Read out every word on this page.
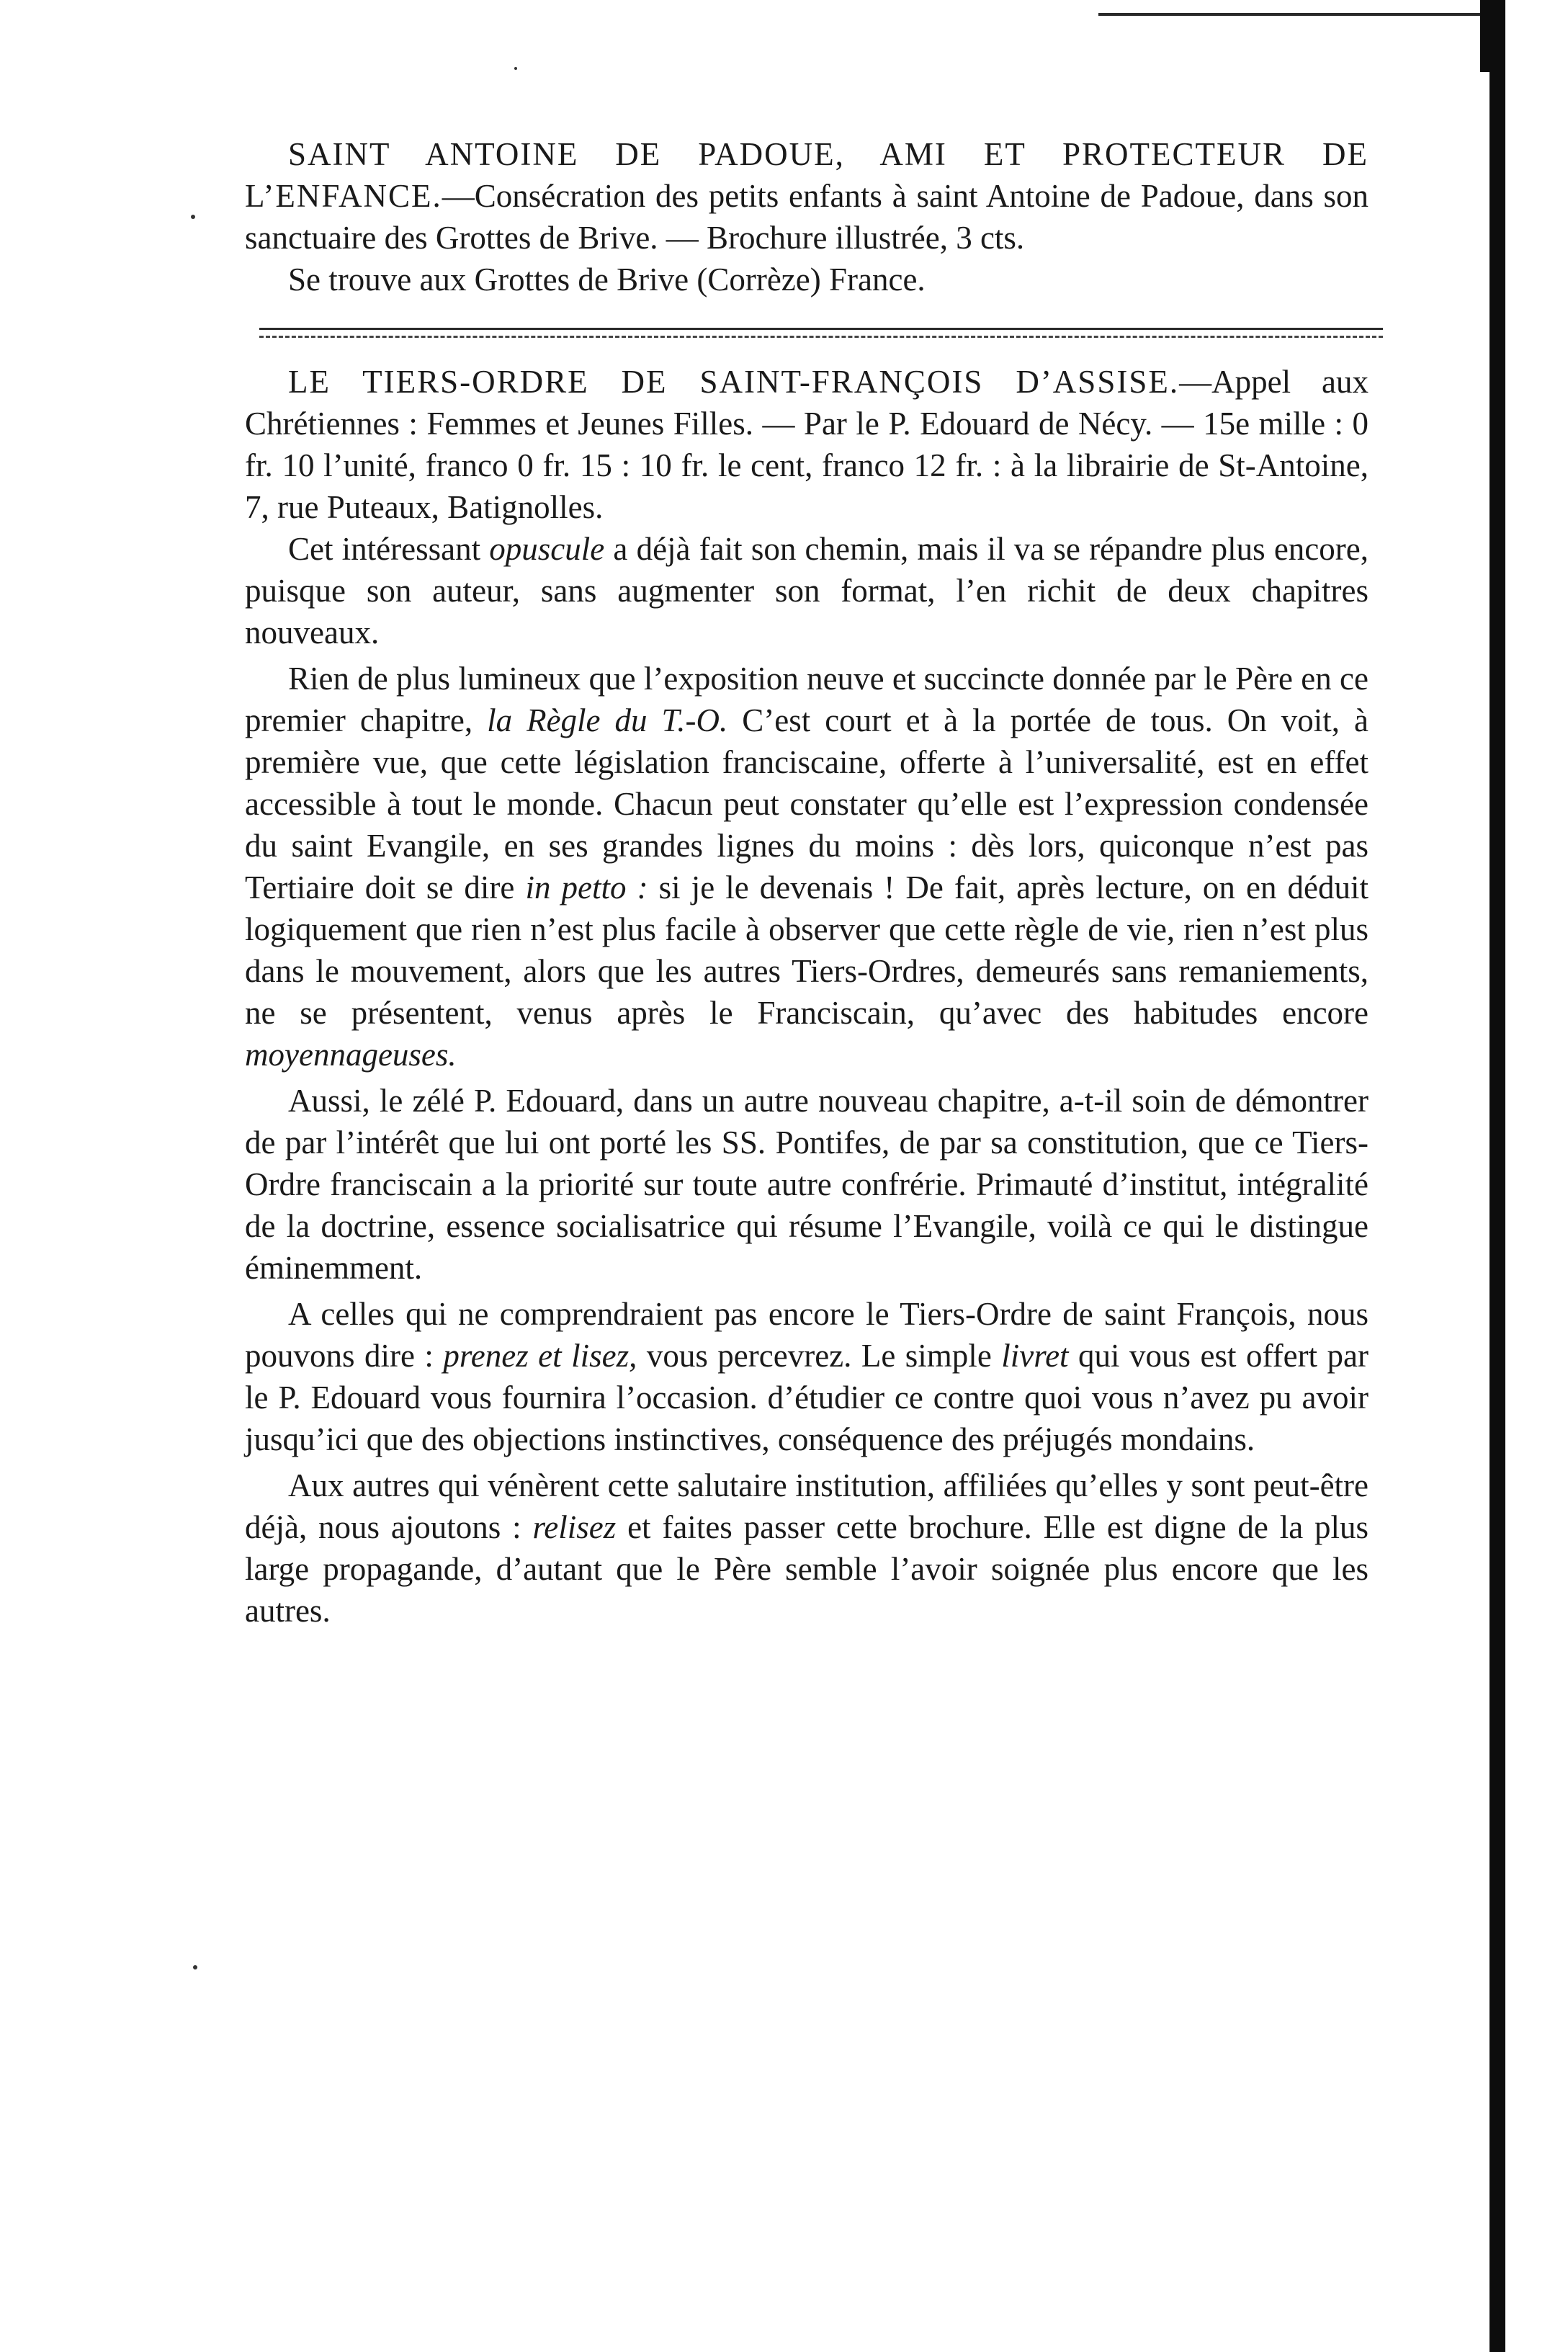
SAINT ANTOINE DE PADOUE, AMI ET PROTECTEUR DE L’ENFANCE.—Consécration des petits enfants à saint Antoine de Padoue, dans son sanctuaire des Grottes de Brive. — Brochure illustrée, 3 cts.

Se trouve aux Grottes de Brive (Corrèze) France.

LE TIERS-ORDRE DE SAINT-FRANÇOIS D’ASSISE.—Appel aux Chrétiennes : Femmes et Jeunes Filles. — Par le P. Edouard de Nécy. — 15e mille : 0 fr. 10 l’unité, franco 0 fr. 15 : 10 fr. le cent, franco 12 fr. : à la librairie de St-Antoine, 7, rue Puteaux, Batignolles.

Cet intéressant opuscule a déjà fait son chemin, mais il va se répandre plus encore, puisque son auteur, sans augmenter son format, l’en richit de deux chapitres nouveaux.

Rien de plus lumineux que l’exposition neuve et succincte donnée par le Père en ce premier chapitre, la Règle du T.-O. C’est court et à la portée de tous. On voit, à première vue, que cette législation franciscaine, offerte à l’universalité, est en effet accessible à tout le monde. Chacun peut constater qu’elle est l’expression condensée du saint Evangile, en ses grandes lignes du moins : dès lors, quiconque n’est pas Tertiaire doit se dire in petto : si je le devenais ! De fait, après lecture, on en déduit logiquement que rien n’est plus facile à observer que cette règle de vie, rien n’est plus dans le mouvement, alors que les autres Tiers-Ordres, demeurés sans remaniements, ne se présentent, venus après le Franciscain, qu’avec des habitudes encore moyennageuses.

Aussi, le zélé P. Edouard, dans un autre nouveau chapitre, a-t-il soin de démontrer de par l’intérêt que lui ont porté les SS. Pontifes, de par sa constitution, que ce Tiers-Ordre franciscain a la priorité sur toute autre confrérie. Primauté d’institut, intégralité de la doctrine, essence socialisatrice qui résume l’Evangile, voilà ce qui le distingue éminemment.

A celles qui ne comprendraient pas encore le Tiers-Ordre de saint François, nous pouvons dire : prenez et lisez, vous percevrez. Le simple livret qui vous est offert par le P. Edouard vous fournira l’occasion. d’étudier ce contre quoi vous n’avez pu avoir jusqu’ici que des objections instinctives, conséquence des préjugés mondains.

Aux autres qui vénèrent cette salutaire institution, affiliées qu’elles y sont peut-être déjà, nous ajoutons : relisez et faites passer cette brochure. Elle est digne de la plus large propagande, d’autant que le Père semble l’avoir soignée plus encore que les autres.
